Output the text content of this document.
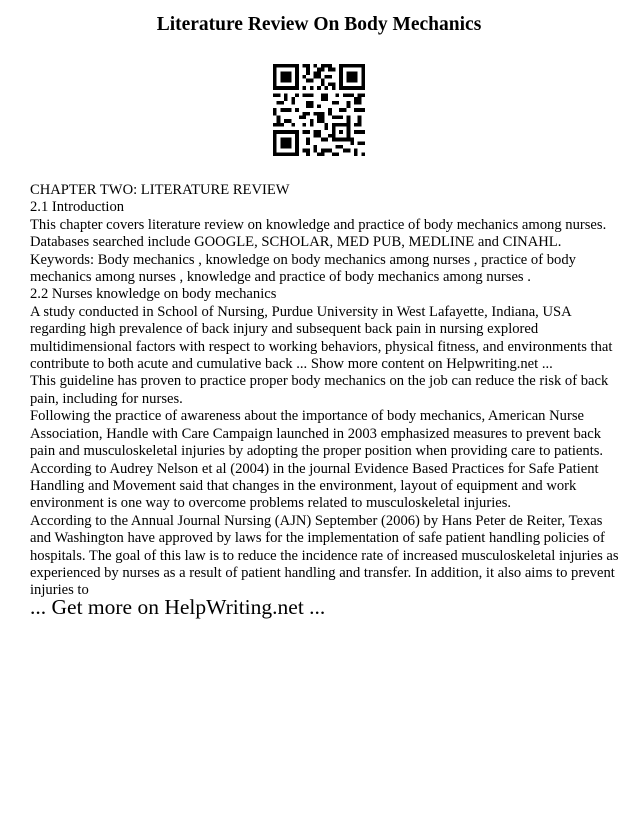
Literature Review On Body Mechanics

CHAPTER TWO: LITERATURE REVIEW

2.1 Introduction

This chapter covers literature review on knowledge and practice of body mechanics among nurses. Databases searched include GOOGLE, SCHOLAR, MED PUB, MEDLINE and CINAHL.

Keywords: Body mechanics , knowledge on body mechanics among nurses , practice of body mechanics among nurses , knowledge and practice of body mechanics among nurses .

2.2 Nurses knowledge on body mechanics

A study conducted in School of Nursing, Purdue University in West Lafayette, Indiana, USA regarding high prevalence of back injury and subsequent back pain in nursing explored multidimensional factors with respect to working behaviors, physical fitness, and environments that contribute to both acute and cumulative back ... Show more content on Helpwriting.net ...

This guideline has proven to practice proper body mechanics on the job can reduce the risk of back pain, including for nurses.

Following the practice of awareness about the importance of body mechanics, American Nurse Association, Handle with Care Campaign launched in 2003 emphasized measures to prevent back pain and musculoskeletal injuries by adopting the proper position when providing care to patients.

According to Audrey Nelson et al (2004) in the journal Evidence Based Practices for Safe Patient Handling and Movement said that changes in the environment, layout of equipment and work environment is one way to overcome problems related to musculoskeletal injuries.

According to the Annual Journal Nursing (AJN) September (2006) by Hans Peter de Reiter, Texas and Washington have approved by laws for the implementation of safe patient handling policies of hospitals. The goal of this law is to reduce the incidence rate of increased musculoskeletal injuries as experienced by nurses as a result of patient handling and transfer. In addition, it also aims to prevent injuries to

... Get more on HelpWriting.net ...
